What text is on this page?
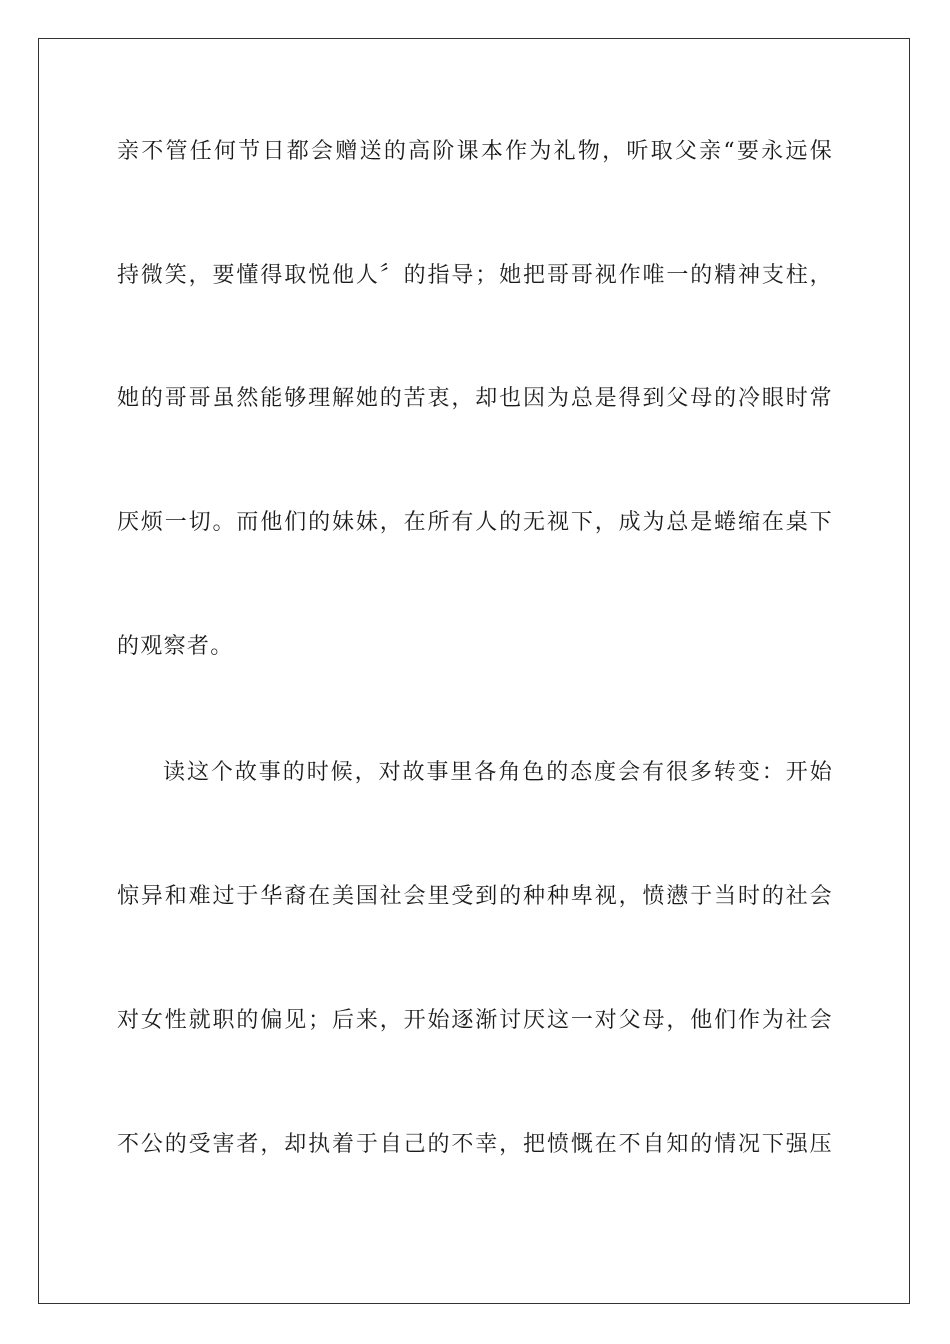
亲不管任何节日都会赠送的高阶课本作为礼物，听取父亲“要永远保
持微笑，要懂得取悦他人〞的指导；她把哥哥视作唯一的精神支柱，
她的哥哥虽然能够理解她的苦衷，却也因为总是得到父母的冷眼时常
厌烦一切。而他们的妹妹，在所有人的无视下，成为总是蜷缩在桌下
的观察者。
读这个故事的时候，对故事里各角色的态度会有很多转变：开始
惊异和难过于华裔在美国社会里受到的种种卑视，愤懑于当时的社会
对女性就职的偏见；后来，开始逐渐讨厌这一对父母，他们作为社会
不公的受害者，却执着于自己的不幸，把愤慨在不自知的情况下强压
